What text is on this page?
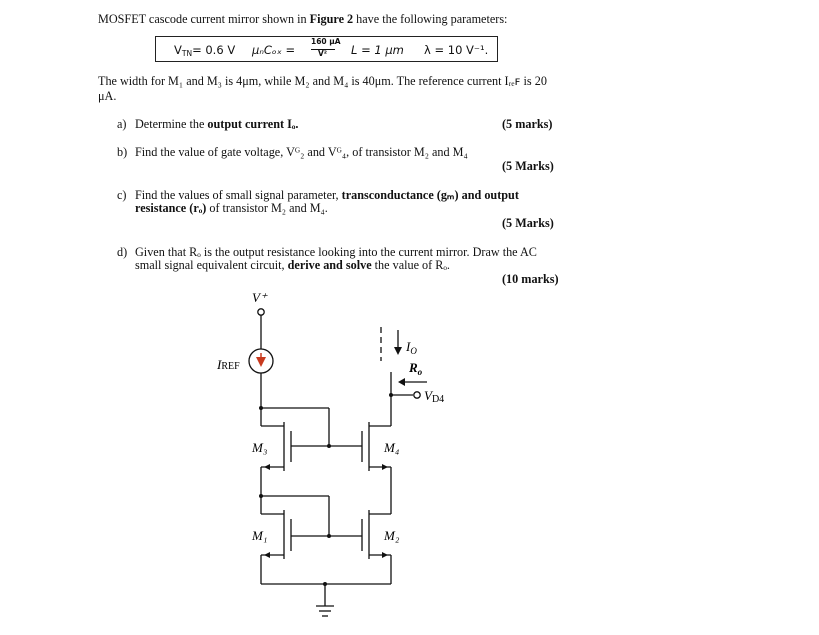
MOSFET cascode current mirror shown in Figure 2 have the following parameters:
VTN= 0.6 V μₙCₒₓ =
160 μA
V² L = 1 μm λ = 10 V⁻¹.
The width for M₁ and M₃ is 4μm, while M₂ and M₄ is 40μm. The reference current Iᵣₑꜰ is 20
μA.
a) Determine the output current Iₒ.	(5 marks)
b) Find the value of gate voltage, Vᴳ₂ and Vᴳ₄, of transistor M₂ and M₄
(5 Marks)
c) Find the values of small signal parameter, transconductance (gₘ) and output
resistance (rₒ) of transistor M₂ and M₄.
(5 Marks)
d) Given that Rₒ is the output resistance looking into the current mirror. Draw the AC
small signal equivalent circuit, derive and solve the value of Rₒ.
(10 marks)
V⁺
IREF
$I_O$
$R_o$
VD4
M₃	M₄
M₁	M₂
